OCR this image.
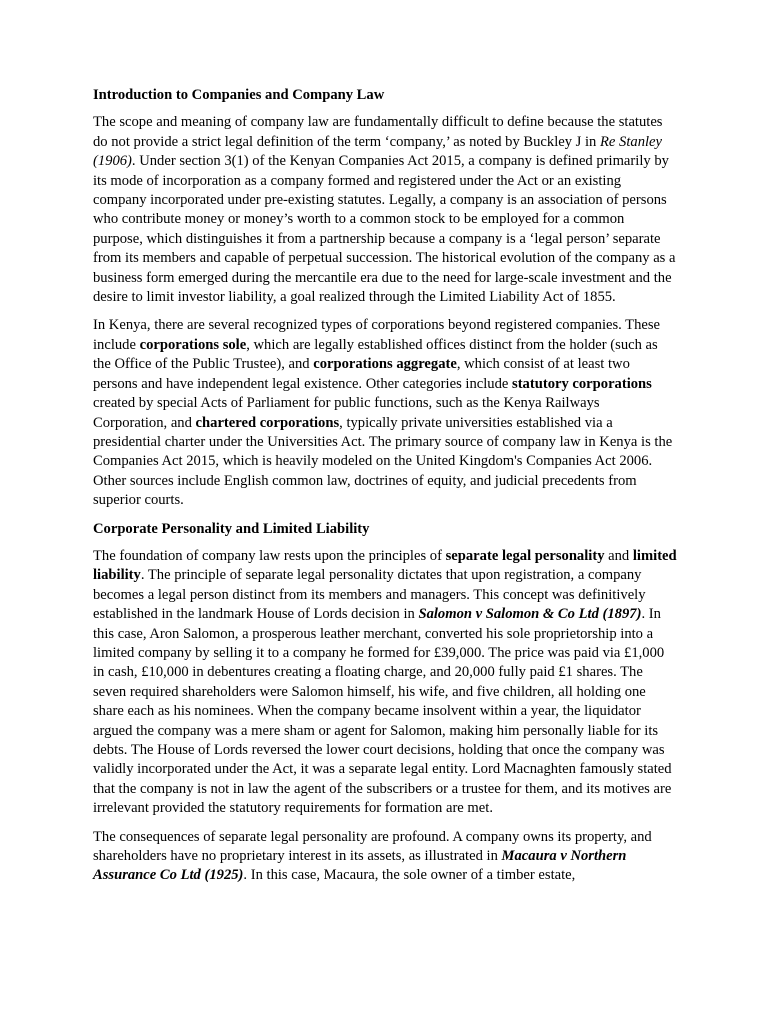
Introduction to Companies and Company Law

The scope and meaning of company law are fundamentally difficult to define because the statutes do not provide a strict legal definition of the term ‘company,’ as noted by Buckley J in Re Stanley (1906). Under section 3(1) of the Kenyan Companies Act 2015, a company is defined primarily by its mode of incorporation as a company formed and registered under the Act or an existing company incorporated under pre-existing statutes. Legally, a company is an association of persons who contribute money or money’s worth to a common stock to be employed for a common purpose, which distinguishes it from a partnership because a company is a ‘legal person’ separate from its members and capable of perpetual succession. The historical evolution of the company as a business form emerged during the mercantile era due to the need for large-scale investment and the desire to limit investor liability, a goal realized through the Limited Liability Act of 1855.

In Kenya, there are several recognized types of corporations beyond registered companies. These include corporations sole, which are legally established offices distinct from the holder (such as the Office of the Public Trustee), and corporations aggregate, which consist of at least two persons and have independent legal existence. Other categories include statutory corporations created by special Acts of Parliament for public functions, such as the Kenya Railways Corporation, and chartered corporations, typically private universities established via a presidential charter under the Universities Act. The primary source of company law in Kenya is the Companies Act 2015, which is heavily modeled on the United Kingdom's Companies Act 2006. Other sources include English common law, doctrines of equity, and judicial precedents from superior courts.

Corporate Personality and Limited Liability

The foundation of company law rests upon the principles of separate legal personality and limited liability. The principle of separate legal personality dictates that upon registration, a company becomes a legal person distinct from its members and managers. This concept was definitively established in the landmark House of Lords decision in Salomon v Salomon & Co Ltd (1897). In this case, Aron Salomon, a prosperous leather merchant, converted his sole proprietorship into a limited company by selling it to a company he formed for £39,000. The price was paid via £1,000 in cash, £10,000 in debentures creating a floating charge, and 20,000 fully paid £1 shares. The seven required shareholders were Salomon himself, his wife, and five children, all holding one share each as his nominees. When the company became insolvent within a year, the liquidator argued the company was a mere sham or agent for Salomon, making him personally liable for its debts. The House of Lords reversed the lower court decisions, holding that once the company was validly incorporated under the Act, it was a separate legal entity. Lord Macnaghten famously stated that the company is not in law the agent of the subscribers or a trustee for them, and its motives are irrelevant provided the statutory requirements for formation are met.

The consequences of separate legal personality are profound. A company owns its property, and shareholders have no proprietary interest in its assets, as illustrated in Macaura v Northern Assurance Co Ltd (1925). In this case, Macaura, the sole owner of a timber estate,
